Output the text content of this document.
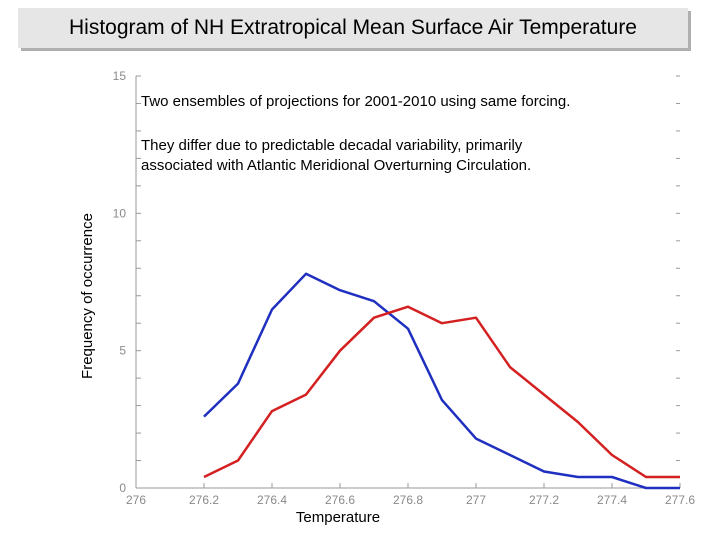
Histogram of NH Extratropical Mean Surface Air Temperature
0
5
10
15
276	276.2	276.4	276.6	276.8	277	277.2	277.4	277.6
Two ensembles of projections for 2001-2010 using same forcing.
They differ due to predictable decadal variability, primarily
associated with Atlantic Meridional Overturning Circulation.
Temperature
Frequency of occurrence
